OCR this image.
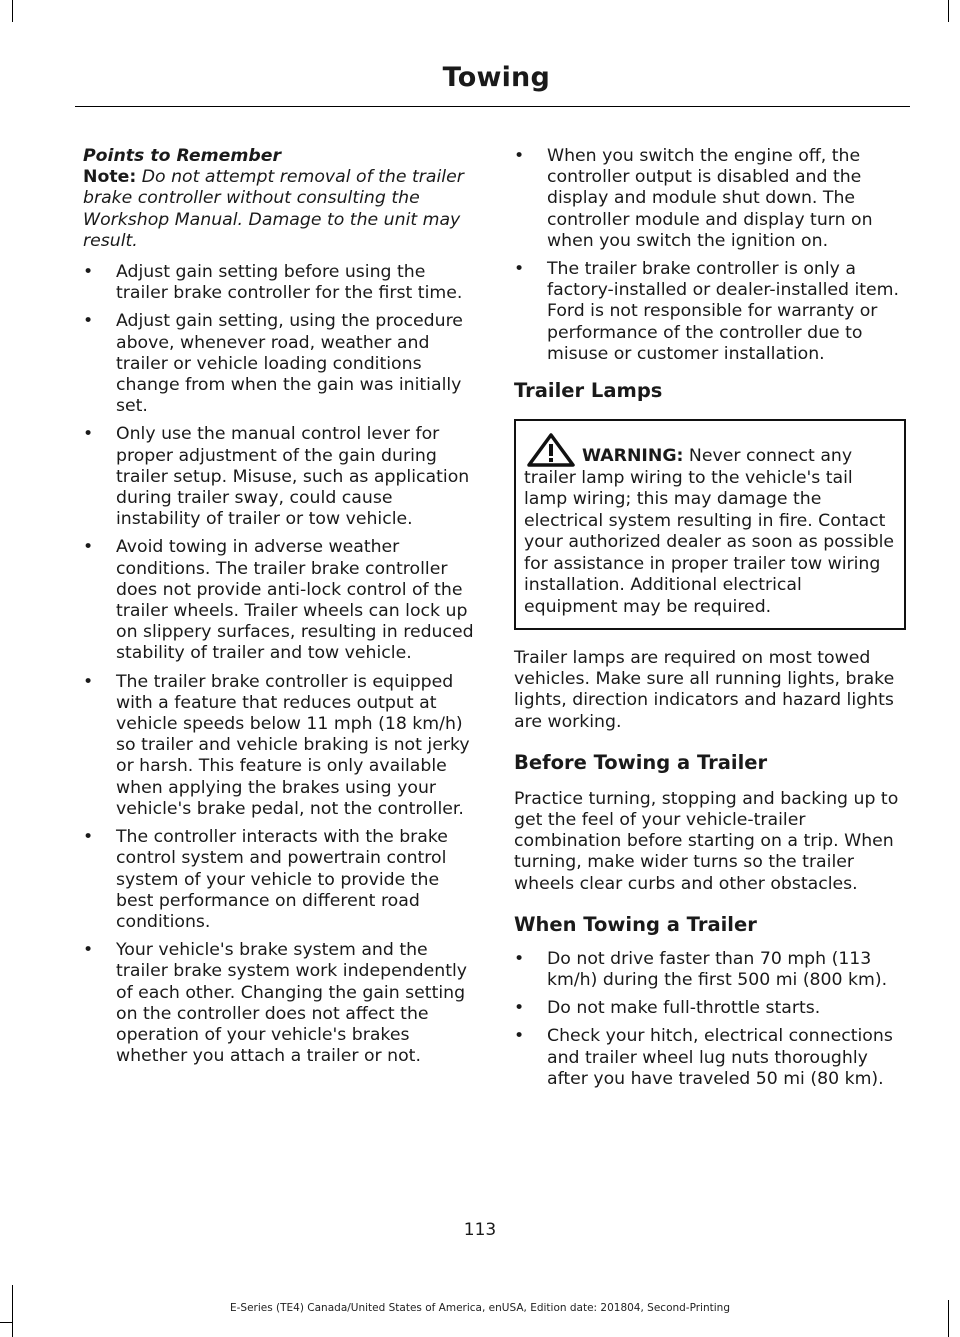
Towing

Points to Remember

Note: Do not attempt removal of the trailer brake controller without consulting the Workshop Manual. Damage to the unit may result.

• Adjust gain setting before using the trailer brake controller for the first time.
• Adjust gain setting, using the procedure above, whenever road, weather and trailer or vehicle loading conditions change from when the gain was initially set.
• Only use the manual control lever for proper adjustment of the gain during trailer setup. Misuse, such as application during trailer sway, could cause instability of trailer or tow vehicle.
• Avoid towing in adverse weather conditions. The trailer brake controller does not provide anti-lock control of the trailer wheels. Trailer wheels can lock up on slippery surfaces, resulting in reduced stability of trailer and tow vehicle.
• The trailer brake controller is equipped with a feature that reduces output at vehicle speeds below 11 mph (18 km/h) so trailer and vehicle braking is not jerky or harsh. This feature is only available when applying the brakes using your vehicle's brake pedal, not the controller.
• The controller interacts with the brake control system and powertrain control system of your vehicle to provide the best performance on different road conditions.
• Your vehicle's brake system and the trailer brake system work independently of each other. Changing the gain setting on the controller does not affect the operation of your vehicle's brakes whether you attach a trailer or not.
• When you switch the engine off, the controller output is disabled and the display and module shut down. The controller module and display turn on when you switch the ignition on.
• The trailer brake controller is only a factory-installed or dealer-installed item. Ford is not responsible for warranty or performance of the controller due to misuse or customer installation.
Trailer Lamps

WARNING: Never connect any trailer lamp wiring to the vehicle's tail lamp wiring; this may damage the electrical system resulting in fire. Contact your authorized dealer as soon as possible for assistance in proper trailer tow wiring installation. Additional electrical equipment may be required.

Trailer lamps are required on most towed vehicles. Make sure all running lights, brake lights, direction indicators and hazard lights are working.

Before Towing a Trailer

Practice turning, stopping and backing up to get the feel of your vehicle-trailer combination before starting on a trip. When turning, make wider turns so the trailer wheels clear curbs and other obstacles.

When Towing a Trailer
• Do not drive faster than 70 mph (113 km/h) during the first 500 mi (800 km).
• Do not make full-throttle starts.
• Check your hitch, electrical connections and trailer wheel lug nuts thoroughly after you have traveled 50 mi (80 km).
113
E-Series (TE4) Canada/United States of America, enUSA, Edition date: 201804, Second-Printing
